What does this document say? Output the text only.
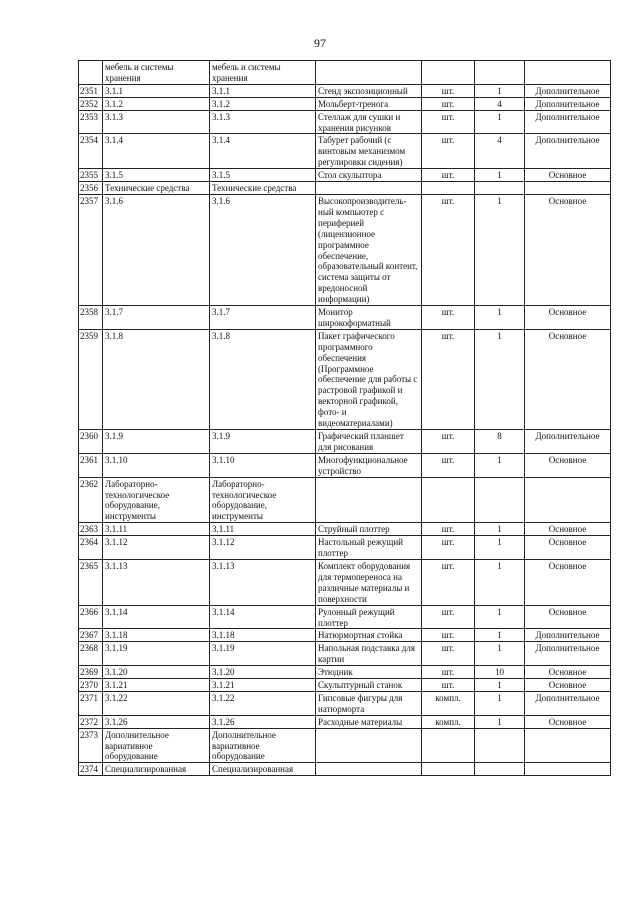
97
	мебель и системы хранения	мебель и системы хранения				
2351	3.1.1	3.1.1	Стенд экспозиционный	шт.	1	Дополнительное
2352	3.1.2	3.1.2	Мольберт-тренога	шт.	4	Дополнительное
2353	3.1.3	3.1.3	Стеллаж для сушки и хранения рисунков	шт.	1	Дополнительное
2354	3.1.4	3.1.4	Табурет рабочий (с винтовым механизмом регулировки сидения)	шт.	4	Дополнительное
2355	3.1.5	3.1.5	Стол скульптора	шт.	1	Основное
2356	Технические средства	Технические средства				
2357	3.1.6	3.1.6	Высокопроизводитель-ный компьютер с периферией (лицензионное программное обеспечение, образовательный контент, система защиты от вредоносной информации)	шт.	1	Основное
2358	3.1.7	3.1.7	Монитор широкоформатный	шт.	1	Основное
2359	3.1.8	3.1.8	Пакет графического программного обеспечения (Программное обеспечение для работы с растровой графикой и векторной графикой, фото- и видеоматериалами)	шт.	1	Основное
2360	3.1.9	3.1.9	Графический планшет для рисования	шт.	8	Дополнительное
2361	3.1.10	3.1.10	Многофункциональное устройство	шт.	1	Основное
2362	Лабораторно-технологическое оборудование, инструменты	Лабораторно-технологическое оборудование, инструменты				
2363	3.1.11	3.1.11	Струйный плоттер	шт.	1	Основное
2364	3.1.12	3.1.12	Настольный режущий плоттер	шт.	1	Основное
2365	3.1.13	3.1.13	Комплект оборудования для термопереноса на различные материалы и поверхности	шт.	1	Основное
2366	3.1.14	3.1.14	Рулонный режущий плоттер	шт.	1	Основное
2367	3.1.18	3.1.18	Натюрмортная стойка	шт.	1	Дополнительное
2368	3.1.19	3.1.19	Напольная подставка для картин	шт.	1	Дополнительное
2369	3.1.20	3.1.20	Этюдник	шт.	10	Основное
2370	3.1.21	3.1.21	Скульптурный станок	шт.	1	Основное
2371	3.1.22	3.1.22	Гипсовые фигуры для натюрморта	компл.	1	Дополнительное
2372	3.1.26	3.1.26	Расходные материалы	компл.	1	Основное
2373	Дополнительное вариативное оборудование	Дополнительное вариативное оборудование				
2374	Специализированная	Специализированная				
